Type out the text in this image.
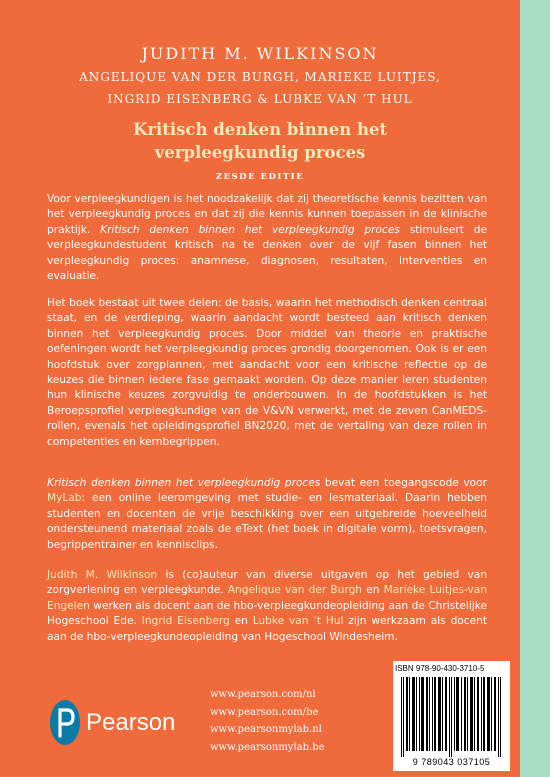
JUDITH M. WILKINSON
ANGELIQUE VAN DER BURGH, MARIEKE LUITJES,
INGRID EISENBERG & LUBKE VAN ’T HUL
Kritisch denken binnen het
verpleegkundig proces
ZESDE EDITIE

Voor verpleegkundigen is het noodzakelijk dat zij theoretische kennis bezitten van het verpleegkundig proces en dat zij die kennis kunnen toepassen in de klinische praktijk. Kritisch denken binnen het verpleegkundig proces stimuleert de verpleegkundestudent kritisch na te denken over de vijf fasen binnen het verpleegkundig proces: anamnese, diagnosen, resultaten, interventies en evaluatie.

Het boek bestaat uit twee delen: de basis, waarin het methodisch denken centraal staat, en de verdieping, waarin aandacht wordt besteed aan kritisch denken binnen het verpleegkundig proces. Door middel van theorie en praktische oefeningen wordt het verpleegkundig proces grondig doorgenomen. Ook is er een hoofdstuk over zorgplannen, met aandacht voor een kritische reflectie op de keuzes die binnen iedere fase gemaakt worden. Op deze manier leren studenten hun klinische keuzes zorgvuldig te onderbouwen. In de hoofdstukken is het Beroepsprofiel verpleegkundige van de V&VN verwerkt, met de zeven CanMEDS-rollen, evenals het opleidingsprofiel BN2020, met de vertaling van deze rollen in competenties en kernbegrippen.

Kritisch denken binnen het verpleegkundig proces bevat een toegangscode voor MyLab: een online leeromgeving met studie- en lesmateriaal. Daarin hebben studenten en docenten de vrije beschikking over een uitgebreide hoeveelheid ondersteunend materiaal zoals de eText (het boek in digitale vorm), toetsvragen, begrippentrainer en kennisclips.

Judith M. Wilkinson is (co)auteur van diverse uitgaven op het gebied van zorgverlening en verpleegkunde. Angelique van der Burgh en Marieke Luitjes-van Engelen werken als docent aan de hbo-verpleegkundeopleiding aan de Christelijke Hogeschool Ede. Ingrid Eisenberg en Lubke van ’t Hul zijn werkzaam als docent aan de hbo-verpleegkundeopleiding van Hogeschool Windesheim.

ISBN 978-90-430-3710-5
9 789043 037105
Pearson
www.pearson.com/nl
www.pearson.com/be
www.pearsonmylab.nl
www.pearsonmylab.be
